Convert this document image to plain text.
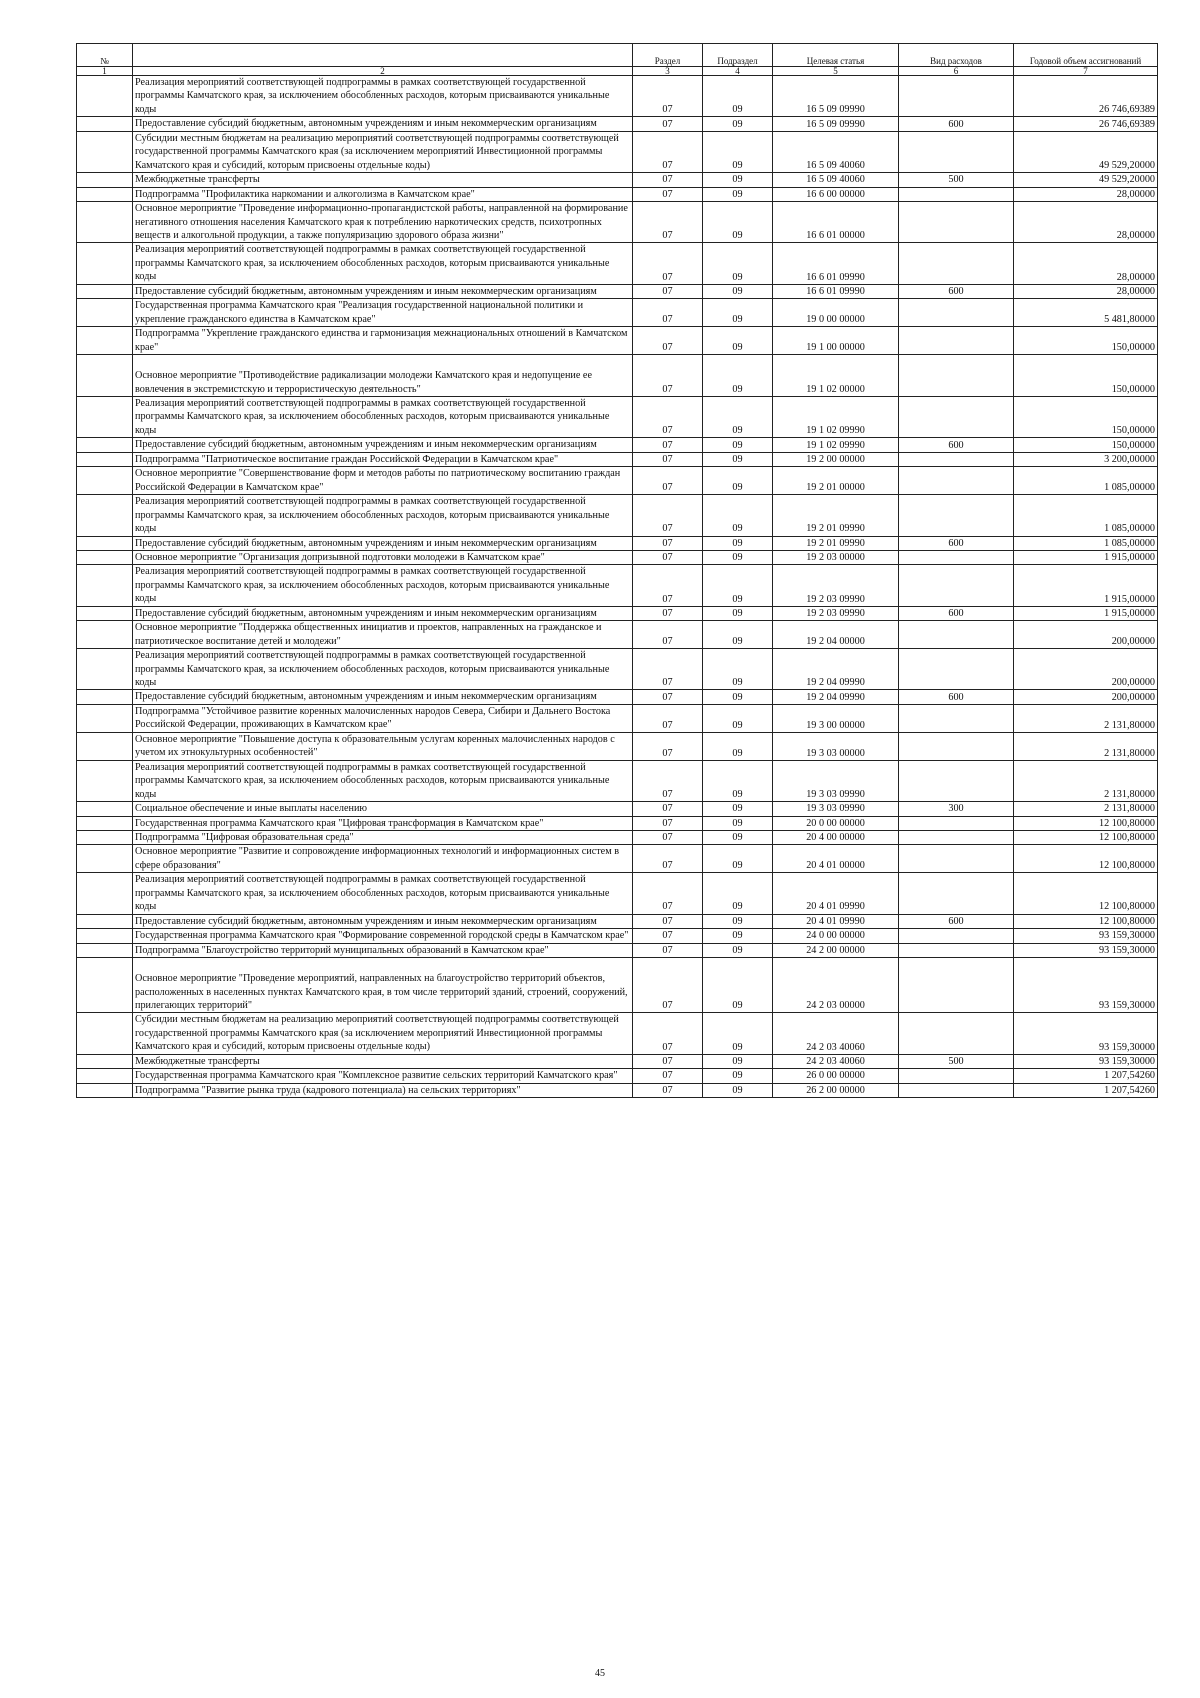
№		Раздел	Подраздел	Целевая статья	Вид расходов	Годовой объем ассигнований
1	2	3	4	5	6	7
	Реализация мероприятий соответствующей подпрограммы в рамках соответствующей государственной программы Камчатского края, за исключением обособленных расходов, которым присваиваются уникальные коды	07	09	16 5 09 09990		26 746,69389
	Предоставление субсидий бюджетным, автономным учреждениям и иным некоммерческим организациям	07	09	16 5 09 09990	600	26 746,69389
	Субсидии местным бюджетам на реализацию мероприятий соответствующей подпрограммы соответствующей государственной программы Камчатского края (за исключением мероприятий Инвестиционной программы Камчатского края и субсидий, которым присвоены отдельные коды)	07	09	16 5 09 40060		49 529,20000
	Межбюджетные трансферты	07	09	16 5 09 40060	500	49 529,20000
	Подпрограмма "Профилактика наркомании и алкоголизма в Камчатском крае"	07	09	16 6 00 00000		28,00000
	Основное мероприятие "Проведение информационно-пропагандистской работы, направленной на формирование негативного отношения населения Камчатского края к потреблению наркотических средств, психотропных веществ и алкогольной продукции, а также популяризацию здорового образа жизни"	07	09	16 6 01 00000		28,00000
	Реализация мероприятий соответствующей подпрограммы в рамках соответствующей государственной программы Камчатского края, за исключением обособленных расходов, которым присваиваются уникальные коды	07	09	16 6 01 09990		28,00000
	Предоставление субсидий бюджетным, автономным учреждениям и иным некоммерческим организациям	07	09	16 6 01 09990	600	28,00000
	Государственная программа Камчатского края "Реализация государственной национальной политики и укрепление гражданского единства в Камчатском крае"	07	09	19 0 00 00000		5 481,80000
	Подпрограмма "Укрепление гражданского единства и гармонизация межнациональных отношений в Камчатском крае"	07	09	19 1 00 00000		150,00000
	Основное мероприятие "Противодействие радикализации молодежи Камчатского края и недопущение ее вовлечения в экстремистскую и террористическую деятельность"	07	09	19 1 02 00000		150,00000
	Реализация мероприятий соответствующей подпрограммы в рамках соответствующей государственной программы Камчатского края, за исключением обособленных расходов, которым присваиваются уникальные коды	07	09	19 1 02 09990		150,00000
	Предоставление субсидий бюджетным, автономным учреждениям и иным некоммерческим организациям	07	09	19 1 02 09990	600	150,00000
	Подпрограмма "Патриотическое воспитание граждан Российской Федерации в Камчатском крае"	07	09	19 2 00 00000		3 200,00000
	Основное мероприятие "Совершенствование форм и методов работы по патриотическому воспитанию граждан Российской Федерации в Камчатском крае"	07	09	19 2 01 00000		1 085,00000
	Реализация мероприятий соответствующей подпрограммы в рамках соответствующей государственной программы Камчатского края, за исключением обособленных расходов, которым присваиваются уникальные коды	07	09	19 2 01 09990		1 085,00000
	Предоставление субсидий бюджетным, автономным учреждениям и иным некоммерческим организациям	07	09	19 2 01 09990	600	1 085,00000
	Основное мероприятие "Организация допризывной подготовки молодежи в Камчатском крае"	07	09	19 2 03 00000		1 915,00000
	Реализация мероприятий соответствующей подпрограммы в рамках соответствующей государственной программы Камчатского края, за исключением обособленных расходов, которым присваиваются уникальные коды	07	09	19 2 03 09990		1 915,00000
	Предоставление субсидий бюджетным, автономным учреждениям и иным некоммерческим организациям	07	09	19 2 03 09990	600	1 915,00000
	Основное мероприятие "Поддержка общественных инициатив и проектов, направленных на гражданское и патриотическое воспитание детей и молодежи"	07	09	19 2 04 00000		200,00000
	Реализация мероприятий соответствующей подпрограммы в рамках соответствующей государственной программы Камчатского края, за исключением обособленных расходов, которым присваиваются уникальные коды	07	09	19 2 04 09990		200,00000
	Предоставление субсидий бюджетным, автономным учреждениям и иным некоммерческим организациям	07	09	19 2 04 09990	600	200,00000
	Подпрограмма "Устойчивое развитие коренных малочисленных народов Севера, Сибири и Дальнего Востока Российской Федерации, проживающих в Камчатском крае"	07	09	19 3 00 00000		2 131,80000
	Основное мероприятие "Повышение доступа к образовательным услугам коренных малочисленных народов с учетом их этнокультурных особенностей"	07	09	19 3 03 00000		2 131,80000
	Реализация мероприятий соответствующей подпрограммы в рамках соответствующей государственной программы Камчатского края, за исключением обособленных расходов, которым присваиваются уникальные коды	07	09	19 3 03 09990		2 131,80000
	Социальное обеспечение и иные выплаты населению	07	09	19 3 03 09990	300	2 131,80000
	Государственная программа Камчатского края "Цифровая трансформация в Камчатском крае"	07	09	20 0 00 00000		12 100,80000
	Подпрограмма "Цифровая образовательная среда"	07	09	20 4 00 00000		12 100,80000
	Основное мероприятие "Развитие и сопровождение информационных технологий и информационных систем в сфере образования"	07	09	20 4 01 00000		12 100,80000
	Реализация мероприятий соответствующей подпрограммы в рамках соответствующей государственной программы Камчатского края, за исключением обособленных расходов, которым присваиваются уникальные коды	07	09	20 4 01 09990		12 100,80000
	Предоставление субсидий бюджетным, автономным учреждениям и иным некоммерческим организациям	07	09	20 4 01 09990	600	12 100,80000
	Государственная программа Камчатского края "Формирование современной городской среды в Камчатском крае"	07	09	24 0 00 00000		93 159,30000
	Подпрограмма "Благоустройство территорий муниципальных образований в Камчатском крае"	07	09	24 2 00 00000		93 159,30000
	Основное мероприятие "Проведение мероприятий, направленных на благоустройство территорий объектов, расположенных в населенных пунктах Камчатского края, в том числе территорий зданий, строений, сооружений, прилегающих территорий"	07	09	24 2 03 00000		93 159,30000
	Субсидии местным бюджетам на реализацию мероприятий соответствующей подпрограммы соответствующей государственной программы Камчатского края (за исключением мероприятий Инвестиционной программы Камчатского края и субсидий, которым присвоены отдельные коды)	07	09	24 2 03 40060		93 159,30000
	Межбюджетные трансферты	07	09	24 2 03 40060	500	93 159,30000
	Государственная программа Камчатского края "Комплексное развитие сельских территорий Камчатского края"	07	09	26 0 00 00000		1 207,54260
	Подпрограмма "Развитие рынка труда (кадрового потенциала) на сельских территориях"	07	09	26 2 00 00000		1 207,54260
45
